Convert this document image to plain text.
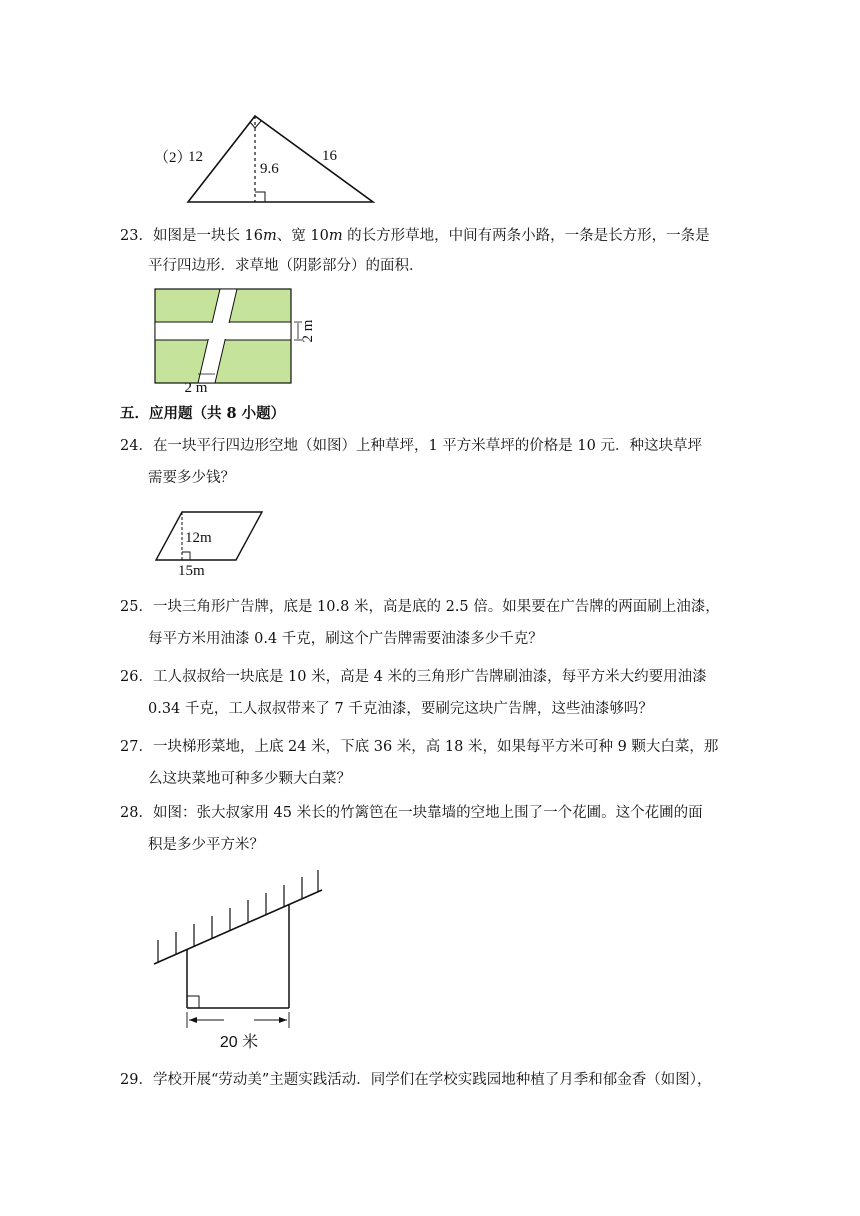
（2）
12	16
9.6
23．如图是一块长 16m、宽 10m 的长方形草地，中间有两条小路，一条是长方形，一条是
平行四边形．求草地（阴影部分）的面积．
2 m
2 m
五．应用题（共 8 小题）
24．在一块平行四边形空地（如图）上种草坪，1 平方米草坪的价格是 10 元．种这块草坪
需要多少钱？
12m
15m
25．一块三角形广告牌，底是 10.8 米，高是底的 2.5 倍。如果要在广告牌的两面刷上油漆，
每平方米用油漆 0.4 千克，刷这个广告牌需要油漆多少千克？
26．工人叔叔给一块底是 10 米，高是 4 米的三角形广告牌刷油漆，每平方米大约要用油漆
0.34 千克，工人叔叔带来了 7 千克油漆，要刷完这块广告牌，这些油漆够吗？
27．一块梯形菜地，上底 24 米，下底 36 米，高 18 米，如果每平方米可种 9 颗大白菜，那
么这块菜地可种多少颗大白菜？
28．如图：张大叔家用 45 米长的竹篱笆在一块靠墙的空地上围了一个花圃。这个花圃的面
积是多少平方米？
20 米
29．学校开展“劳动美”主题实践活动．同学们在学校实践园地种植了月季和郁金香（如图），
